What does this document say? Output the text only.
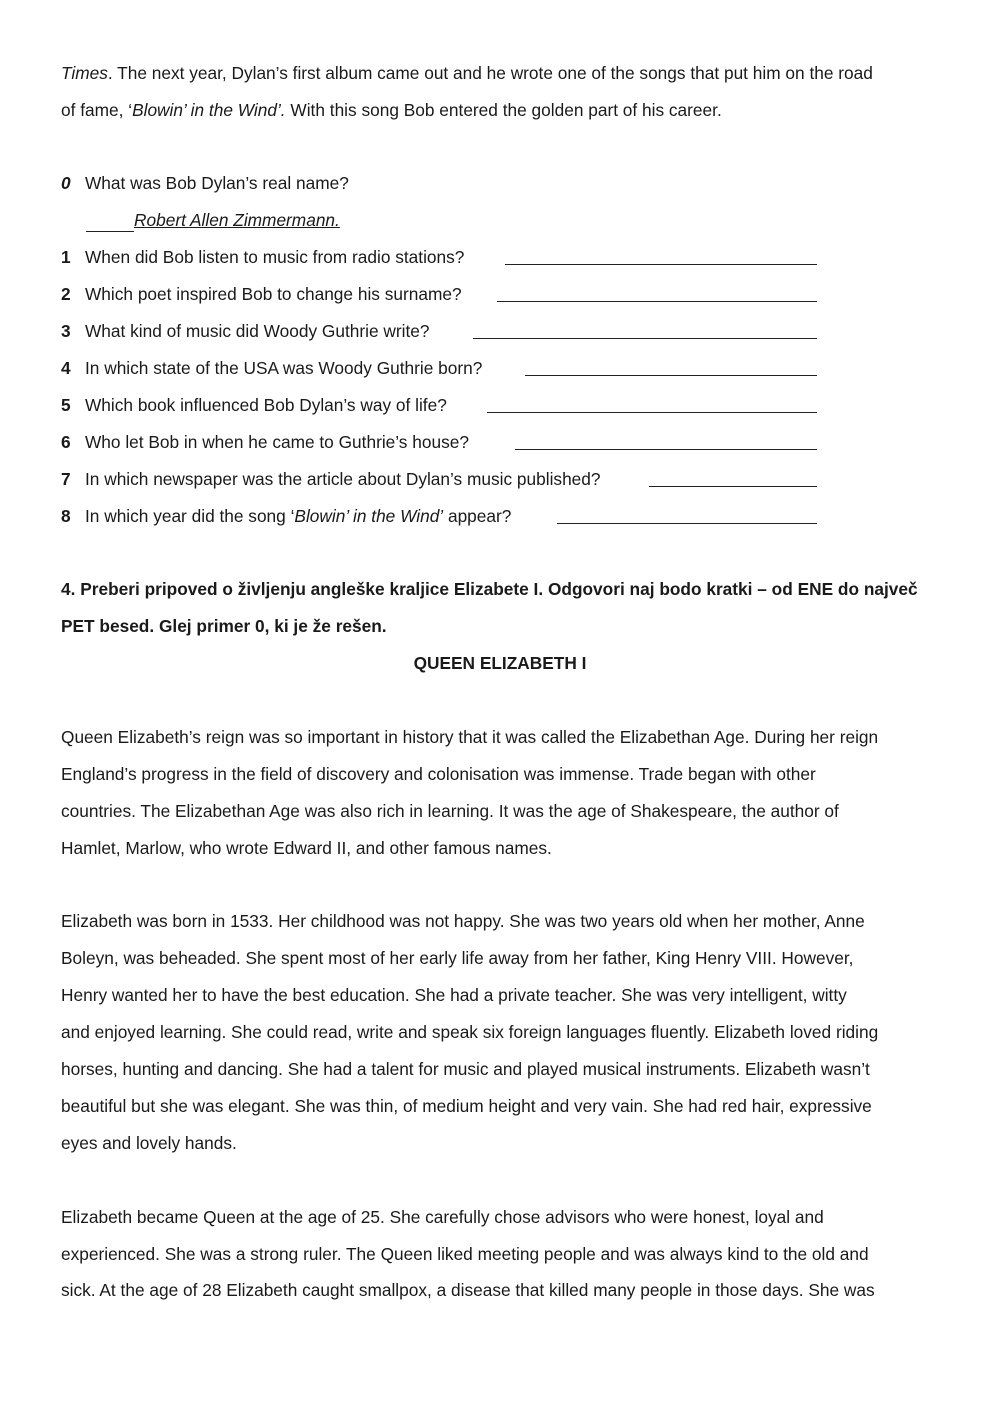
Times. The next year, Dylan’s first album came out and he wrote one of the songs that put him on the road
of fame, ‘Blowin’ in the Wind’. With this song Bob entered the golden part of his career.
0 What was Bob Dylan’s real name?
Robert Allen Zimmermann.
1 When did Bob listen to music from radio stations?
2 Which poet inspired Bob to change his surname?
3 What kind of music did Woody Guthrie write?
4 In which state of the USA was Woody Guthrie born?
5 Which book influenced Bob Dylan’s way of life?
6 Who let Bob in when he came to Guthrie’s house?
7 In which newspaper was the article about Dylan’s music published?
8 In which year did the song ‘Blowin’ in the Wind’ appear?
4. Preberi pripoved o življenju angleške kraljice Elizabete I. Odgovori naj bodo kratki – od ENE do največ
PET besed. Glej primer 0, ki je že rešen.
QUEEN ELIZABETH I
Queen Elizabeth’s reign was so important in history that it was called the Elizabethan Age. During her reign
England’s progress in the field of discovery and colonisation was immense. Trade began with other
countries. The Elizabethan Age was also rich in learning. It was the age of Shakespeare, the author of
Hamlet, Marlow, who wrote Edward II, and other famous names.
Elizabeth was born in 1533. Her childhood was not happy. She was two years old when her mother, Anne
Boleyn, was beheaded. She spent most of her early life away from her father, King Henry VIII. However,
Henry wanted her to have the best education. She had a private teacher. She was very intelligent, witty
and enjoyed learning. She could read, write and speak six foreign languages fluently. Elizabeth loved riding
horses, hunting and dancing. She had a talent for music and played musical instruments. Elizabeth wasn’t
beautiful but she was elegant. She was thin, of medium height and very vain. She had red hair, expressive
eyes and lovely hands.
Elizabeth became Queen at the age of 25. She carefully chose advisors who were honest, loyal and
experienced. She was a strong ruler. The Queen liked meeting people and was always kind to the old and
sick. At the age of 28 Elizabeth caught smallpox, a disease that killed many people in those days. She was
